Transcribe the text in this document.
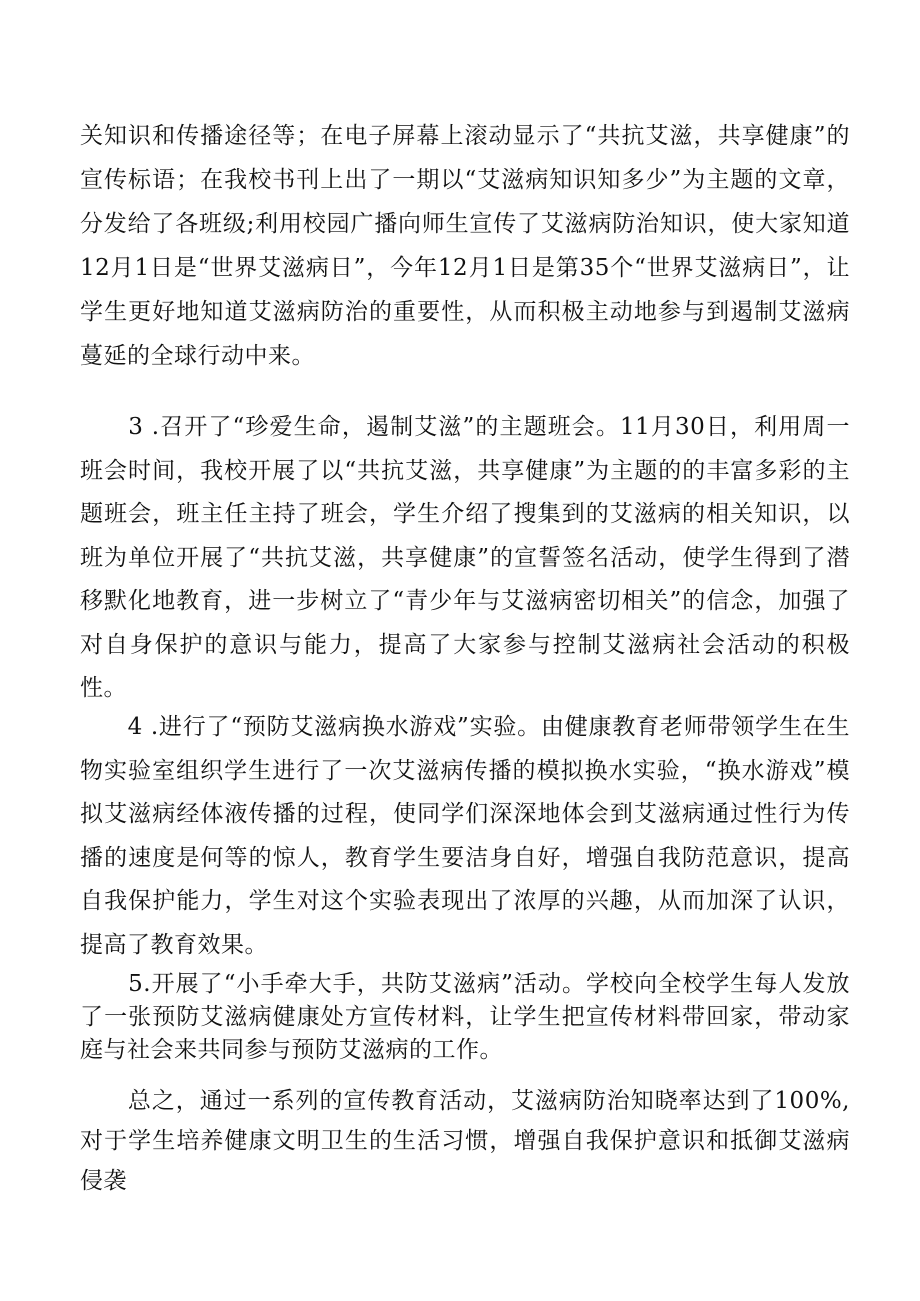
关知识和传播途径等；在电子屏幕上滚动显示了“共抗艾滋，共享健康”的宣传标语；在我校书刊上出了一期以“艾滋病知识知多少”为主题的文章，分发给了各班级;利用校园广播向师生宣传了艾滋病防治知识，使大家知道12月1日是“世界艾滋病日”，今年12月1日是第35个“世界艾滋病日”，让学生更好地知道艾滋病防治的重要性，从而积极主动地参与到遏制艾滋病蔓延的全球行动中来。

　　3 .召开了“珍爱生命，遏制艾滋”的主题班会。11月30日，利用周一班会时间，我校开展了以“共抗艾滋，共享健康”为主题的的丰富多彩的主题班会，班主任主持了班会，学生介绍了搜集到的艾滋病的相关知识，以班为单位开展了“共抗艾滋，共享健康”的宣誓签名活动，使学生得到了潜移默化地教育，进一步树立了“青少年与艾滋病密切相关”的信念，加强了对自身保护的意识与能力，提高了大家参与控制艾滋病社会活动的积极性。

　　4 .进行了“预防艾滋病换水游戏”实验。由健康教育老师带领学生在生物实验室组织学生进行了一次艾滋病传播的模拟换水实验，“换水游戏”模拟艾滋病经体液传播的过程，使同学们深深地体会到艾滋病通过性行为传播的速度是何等的惊人，教育学生要洁身自好，增强自我防范意识，提高自我保护能力，学生对这个实验表现出了浓厚的兴趣，从而加深了认识，提高了教育效果。

　　5.开展了“小手牵大手，共防艾滋病”活动。学校向全校学生每人发放了一张预防艾滋病健康处方宣传材料，让学生把宣传材料带回家，带动家庭与社会来共同参与预防艾滋病的工作。

　　总之，通过一系列的宣传教育活动，艾滋病防治知晓率达到了100%,对于学生培养健康文明卫生的生活习惯，增强自我保护意识和抵御艾滋病侵袭
